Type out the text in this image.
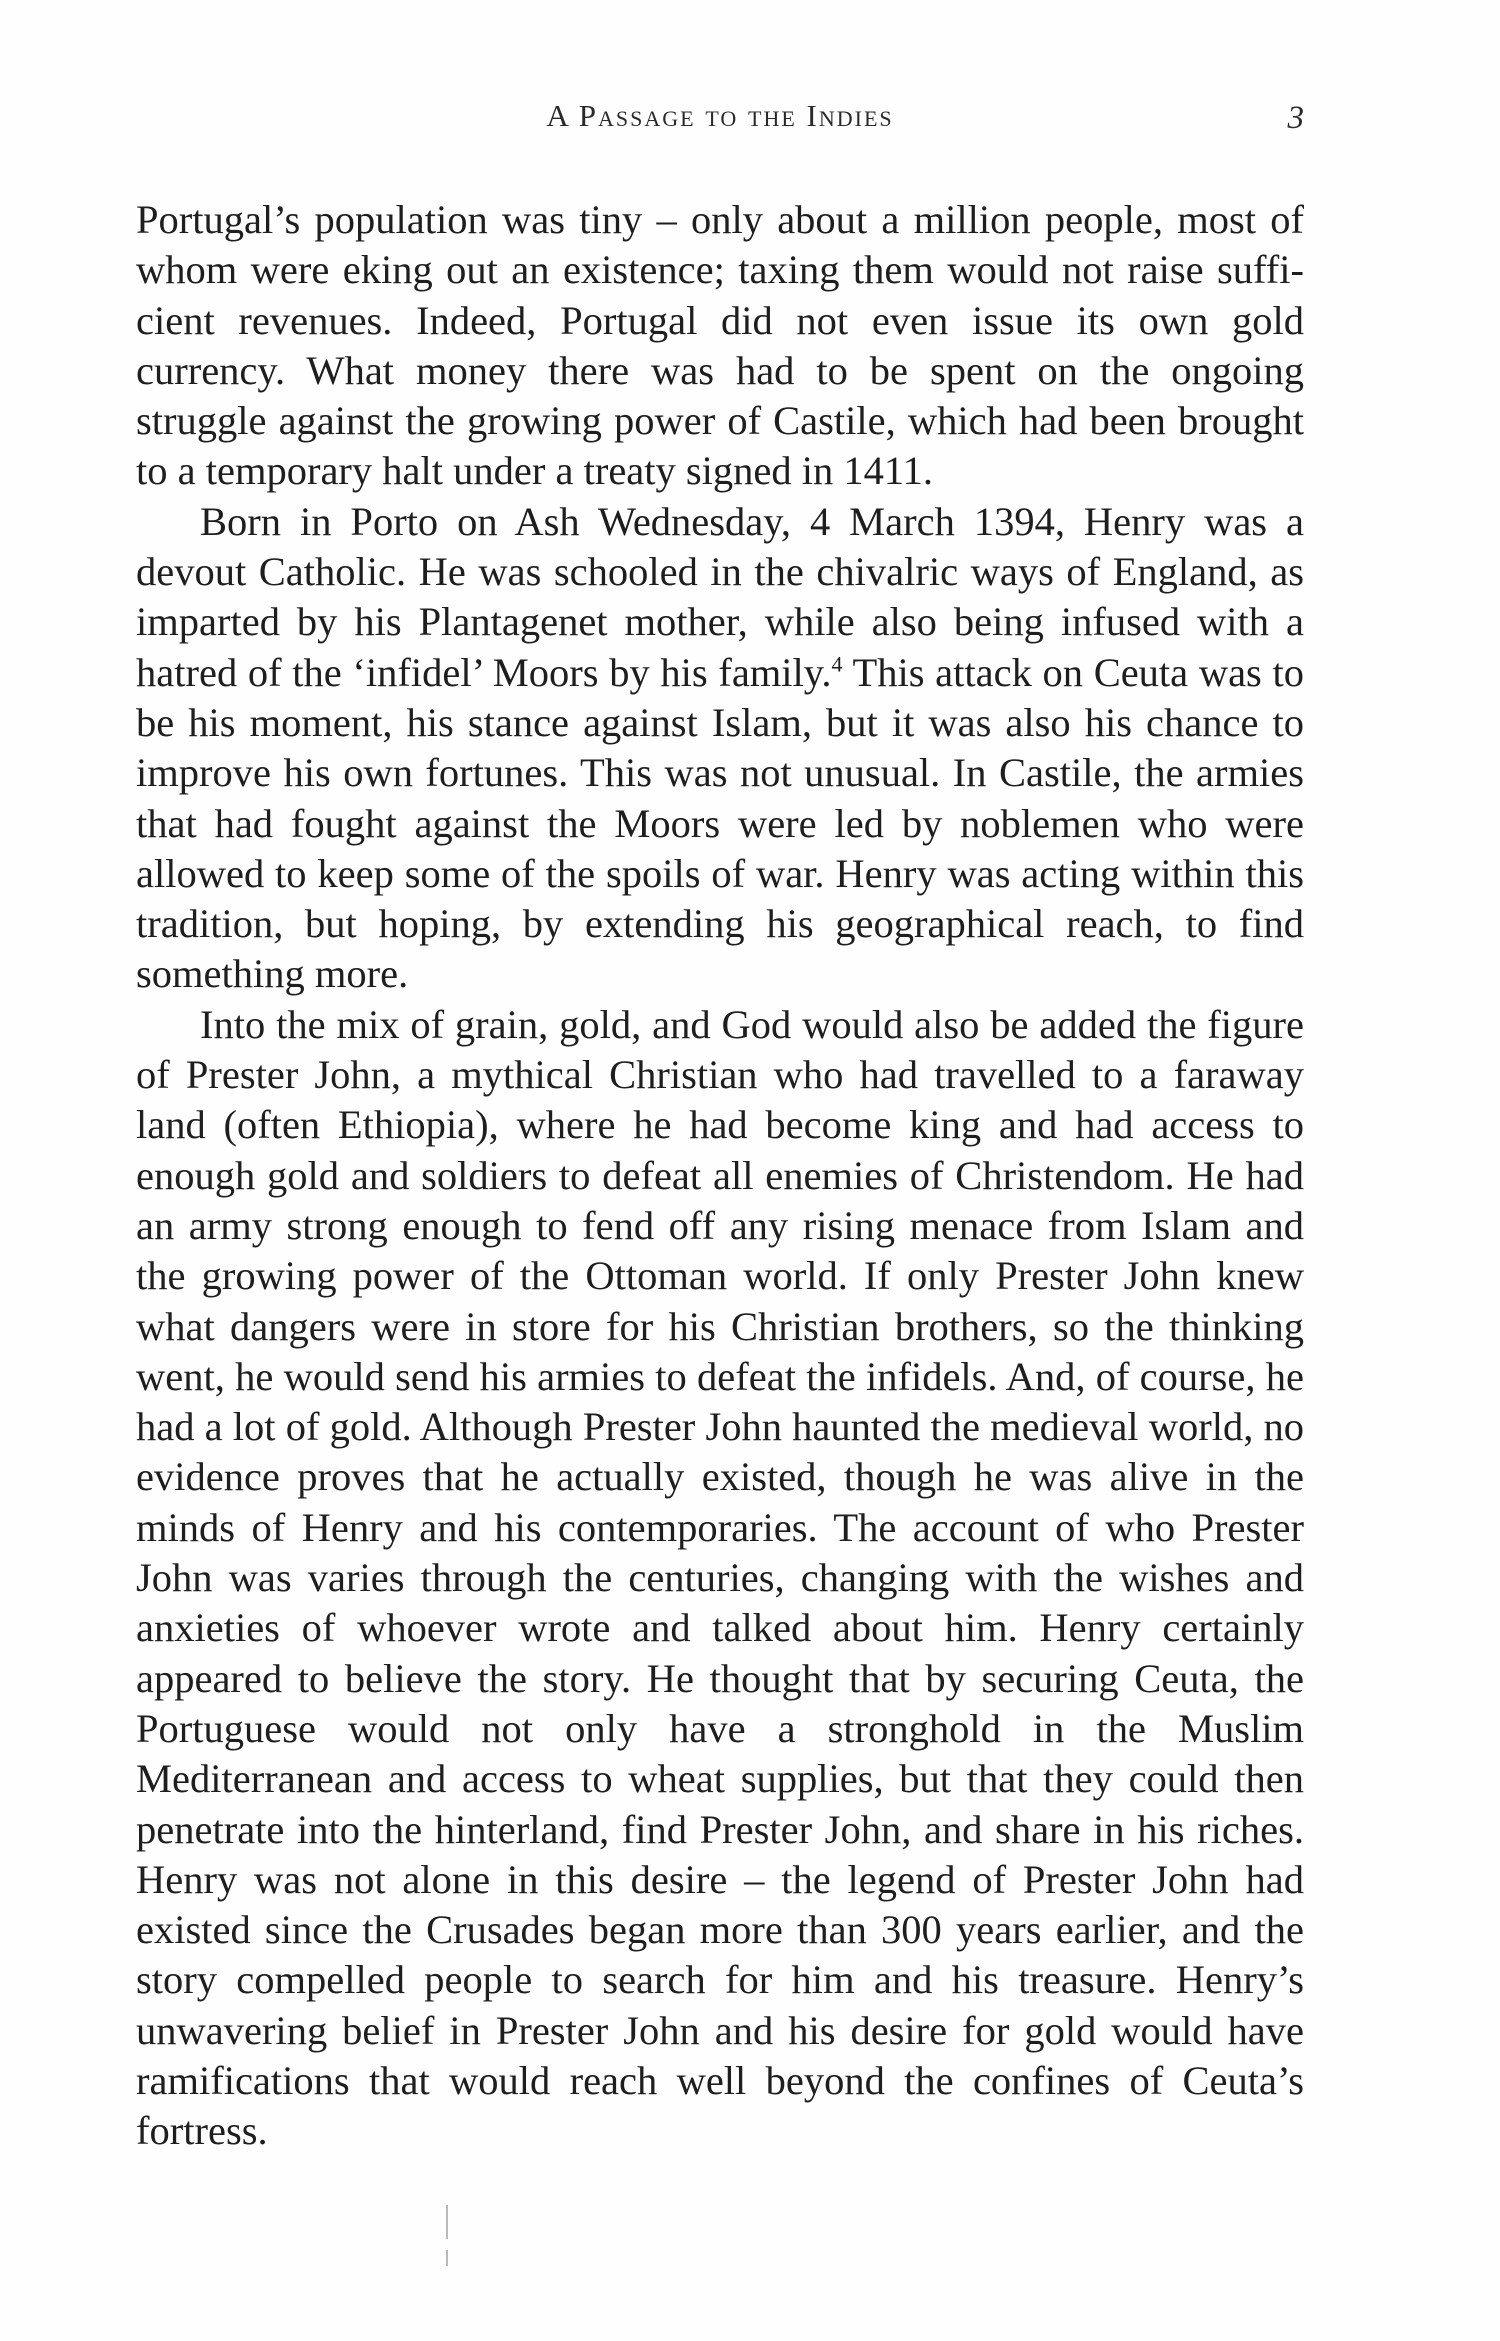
A Passage to the Indies	3

Portugal’s population was tiny – only about a million people, most of whom were eking out an existence; taxing them would not raise sufficient revenues. Indeed, Portugal did not even issue its own gold currency. What money there was had to be spent on the ongoing struggle against the growing power of Castile, which had been brought to a temporary halt under a treaty signed in 1411.

Born in Porto on Ash Wednesday, 4 March 1394, Henry was a devout Catholic. He was schooled in the chivalric ways of England, as imparted by his Plantagenet mother, while also being infused with a hatred of the ‘infidel’ Moors by his family.$^4$ This attack on Ceuta was to be his moment, his stance against Islam, but it was also his chance to improve his own fortunes. This was not unusual. In Castile, the armies that had fought against the Moors were led by noblemen who were allowed to keep some of the spoils of war. Henry was acting within this tradition, but hoping, by extending his geographical reach, to find something more.

Into the mix of grain, gold, and God would also be added the figure of Prester John, a mythical Christian who had travelled to a faraway land (often Ethiopia), where he had become king and had access to enough gold and soldiers to defeat all enemies of Christendom. He had an army strong enough to fend off any rising menace from Islam and the growing power of the Ottoman world. If only Prester John knew what dangers were in store for his Christian brothers, so the thinking went, he would send his armies to defeat the infidels. And, of course, he had a lot of gold. Although Prester John haunted the medieval world, no evidence proves that he actually existed, though he was alive in the minds of Henry and his contemporaries. The account of who Prester John was varies through the centuries, changing with the wishes and anxieties of whoever wrote and talked about him. Henry certainly appeared to believe the story. He thought that by securing Ceuta, the Portuguese would not only have a stronghold in the Muslim Mediterranean and access to wheat supplies, but that they could then penetrate into the hinterland, find Prester John, and share in his riches. Henry was not alone in this desire – the legend of Prester John had existed since the Crusades began more than 300 years earlier, and the story compelled people to search for him and his treasure. Henry’s unwavering belief in Prester John and his desire for gold would have ramifications that would reach well beyond the confines of Ceuta’s fortress.
